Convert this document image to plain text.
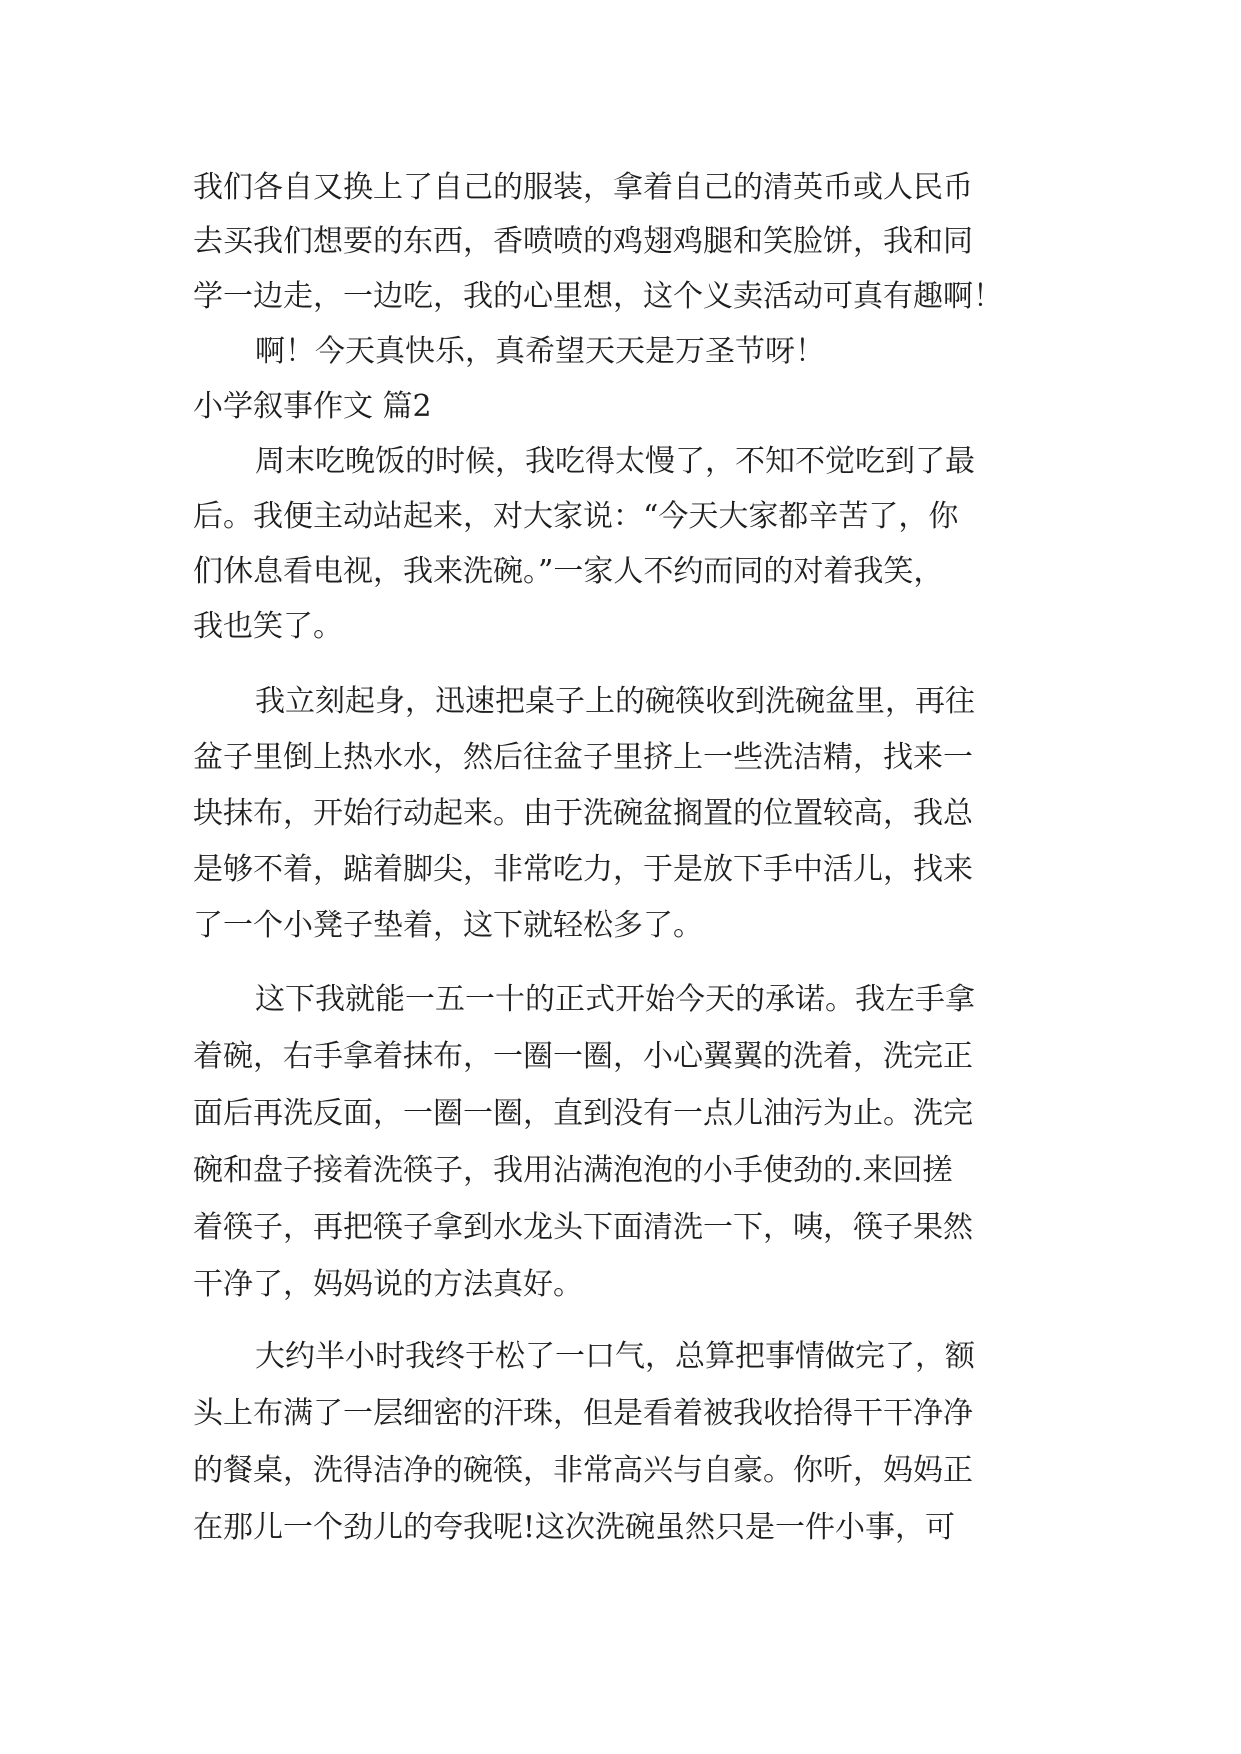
我们各自又换上了自己的服装，拿着自己的清英币或人民币

去买我们想要的东西，香喷喷的鸡翅鸡腿和笑脸饼，我和同

学一边走，一边吃，我的心里想，这个义卖活动可真有趣啊！

啊！今天真快乐，真希望天天是万圣节呀！

小学叙事作文 篇2

周末吃晚饭的时候，我吃得太慢了，不知不觉吃到了最

后。我便主动站起来，对大家说：“今天大家都辛苦了，你

们休息看电视，我来洗碗。”一家人不约而同的对着我笑，

我也笑了。

我立刻起身，迅速把桌子上的碗筷收到洗碗盆里，再往

盆子里倒上热水水，然后往盆子里挤上一些洗洁精，找来一

块抹布，开始行动起来。由于洗碗盆搁置的位置较高，我总

是够不着，踮着脚尖，非常吃力，于是放下手中活儿，找来

了一个小凳子垫着，这下就轻松多了。

这下我就能一五一十的正式开始今天的承诺。我左手拿

着碗，右手拿着抹布，一圈一圈，小心翼翼的洗着，洗完正

面后再洗反面，一圈一圈，直到没有一点儿油污为止。洗完

碗和盘子接着洗筷子，我用沾满泡泡的小手使劲的.来回搓

着筷子，再把筷子拿到水龙头下面清洗一下，咦，筷子果然

干净了，妈妈说的方法真好。

大约半小时我终于松了一口气，总算把事情做完了，额

头上布满了一层细密的汗珠，但是看着被我收拾得干干净净

的餐桌，洗得洁净的碗筷，非常高兴与自豪。你听，妈妈正

在那儿一个劲儿的夸我呢!这次洗碗虽然只是一件小事，可
